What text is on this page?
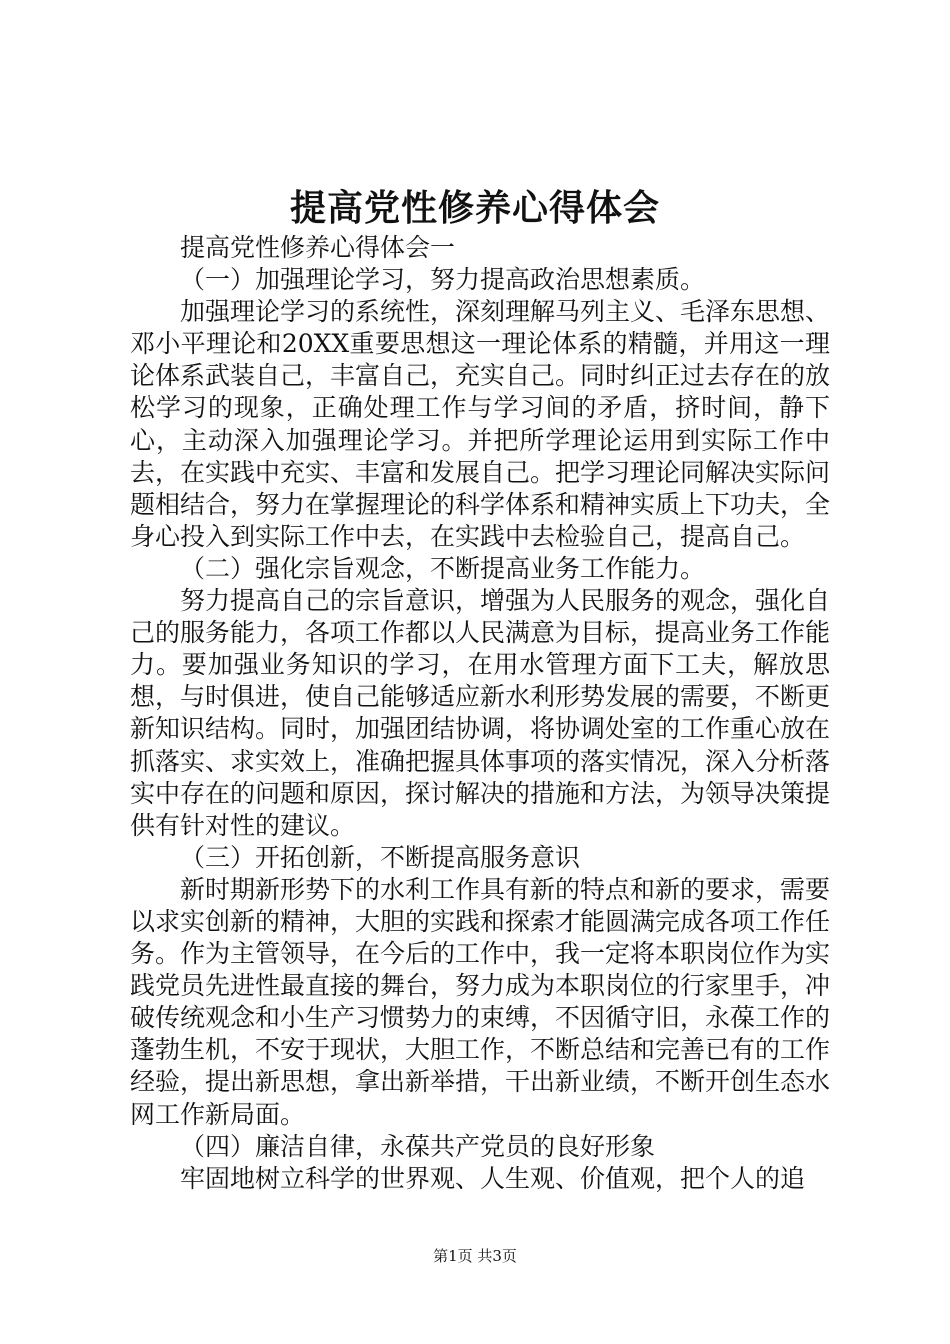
提高党性修养心得体会

提高党性修养心得体会一

（一）加强理论学习，努力提高政治思想素质。

加强理论学习的系统性，深刻理解马列主义、毛泽东思想、邓小平理论和20XX重要思想这一理论体系的精髓，并用这一理论体系武装自己，丰富自己，充实自己。同时纠正过去存在的放松学习的现象，正确处理工作与学习间的矛盾，挤时间，静下心，主动深入加强理论学习。并把所学理论运用到实际工作中去，在实践中充实、丰富和发展自己。把学习理论同解决实际问题相结合，努力在掌握理论的科学体系和精神实质上下功夫，全身心投入到实际工作中去，在实践中去检验自己，提高自己。

（二）强化宗旨观念，不断提高业务工作能力。

努力提高自己的宗旨意识，增强为人民服务的观念，强化自己的服务能力，各项工作都以人民满意为目标，提高业务工作能力。要加强业务知识的学习，在用水管理方面下工夫，解放思想，与时俱进，使自己能够适应新水利形势发展的需要，不断更新知识结构。同时，加强团结协调，将协调处室的工作重心放在抓落实、求实效上，准确把握具体事项的落实情况，深入分析落实中存在的问题和原因，探讨解决的措施和方法，为领导决策提供有针对性的建议。

（三）开拓创新，不断提高服务意识

新时期新形势下的水利工作具有新的特点和新的要求，需要以求实创新的精神，大胆的实践和探索才能圆满完成各项工作任务。作为主管领导，在今后的工作中，我一定将本职岗位作为实践党员先进性最直接的舞台，努力成为本职岗位的行家里手，冲破传统观念和小生产习惯势力的束缚，不因循守旧，永葆工作的蓬勃生机，不安于现状，大胆工作，不断总结和完善已有的工作经验，提出新思想，拿出新举措，干出新业绩，不断开创生态水网工作新局面。

（四）廉洁自律，永葆共产党员的良好形象

牢固地树立科学的世界观、人生观、价值观，把个人的追

第1页 共3页
